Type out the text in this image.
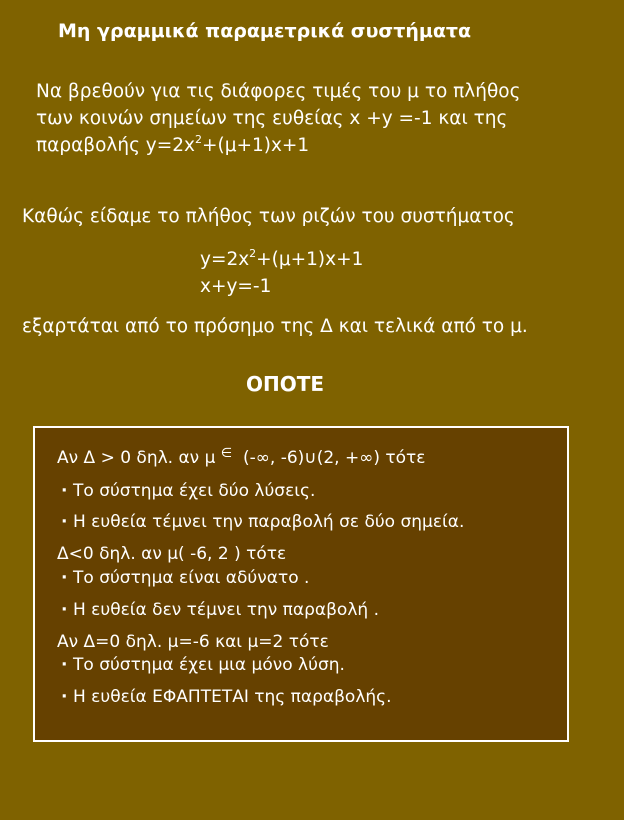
Μη γραμμικά παραμετρικά συστήματα
Να βρεθούν για τις διάφορες τιμές του μ το πλήθος
των κοινών σημείων της ευθείας x +y =-1 και της
παραβολής $y=2x^2+(\mu+1)x+1$
Καθώς είδαμε το πλήθος των ριζών του συστήματος
$y=2x^2+(\mu+1)x+1$
x+y=-1
εξαρτάται από το πρόσημο της Δ και τελικά από το μ.
ΟΠΟΤΕ
Αν Δ > 0 δηλ. αν μ ∈ (-∞, -6)∪(2, +∞) τότε
· Το σύστημα έχει δύο λύσεις.
· Η ευθεία τέμνει την παραβολή σε δύο σημεία.
Δ<0 δηλ. αν μ( -6, 2 ) τότε
· Το σύστημα είναι αδύνατο .
· Η ευθεία δεν τέμνει την παραβολή .
Αν Δ=0 δηλ. μ=-6 και μ=2 τότε
· Το σύστημα έχει μια μόνο λύση.
· Η ευθεία ΕΦΑΠΤΕΤΑΙ της παραβολής.
